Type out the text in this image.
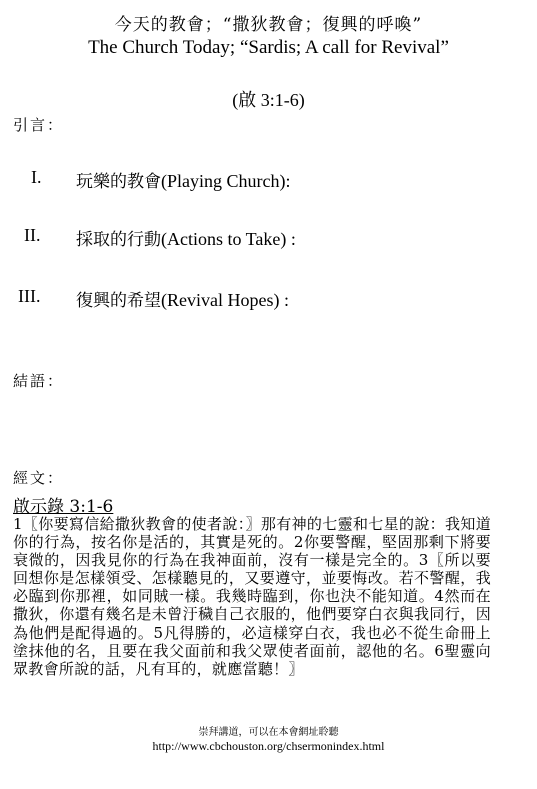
今天的教會；“撒狄教會；復興的呼喚”
The Church Today; “Sardis; A call for Revival”
(啟 3:1-6)
引言：
I. 玩樂的教會(Playing Church):
II. 採取的行動(Actions to Take) :
III. 復興的希望(Revival Hopes) :
結語：
經文：
啟示錄 3:1-6
1〖你要寫信給撒狄教會的使者說：〗那有神的七靈和七星的說：我知道你的行為，按名你是活的，其實是死的。2你要警醒，堅固那剩下將要衰微的，因我見你的行為在我神面前，沒有一樣是完全的。3〖所以要回想你是怎樣領受、怎樣聽見的，又要遵守，並要悔改。若不警醒，我必臨到你那裡，如同賊一樣。我幾時臨到，你也決不能知道。4然而在撒狄，你還有幾名是未曾汙穢自己衣服的，他們要穿白衣與我同行，因為他們是配得過的。5凡得勝的，必這樣穿白衣，我也必不從生命冊上塗抹他的名，且要在我父面前和我父眾使者面前，認他的名。6聖靈向眾教會所說的話，凡有耳的，就應當聽！〗
崇拜講道，可以在本會網址聆聽
http://www.cbchouston.org/chsermonindex.html
